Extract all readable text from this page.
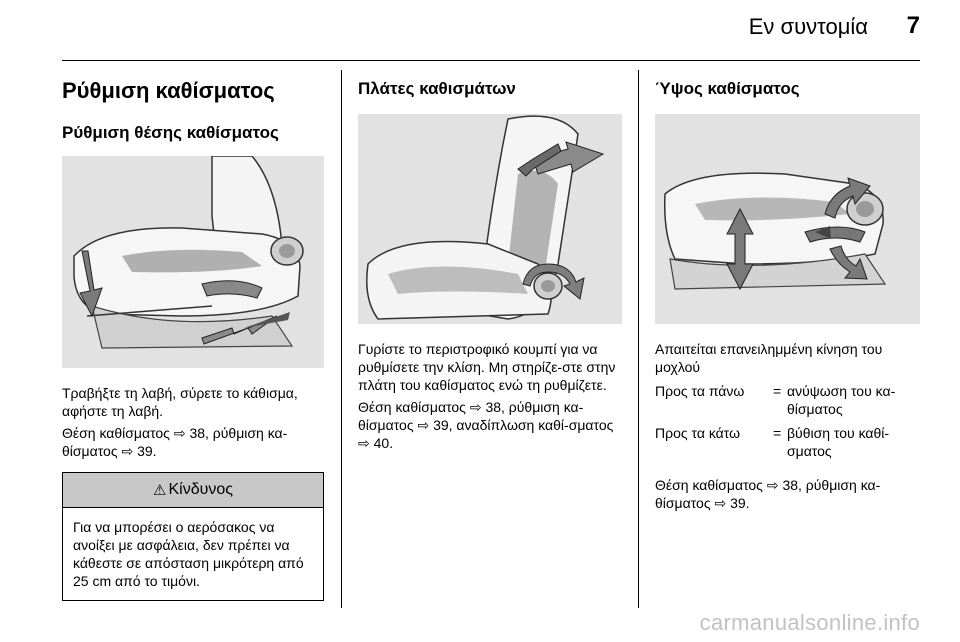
Εν συντομία 7
Ρύθμιση καθίσματος
Ρύθμιση θέσης καθίσματος

Τραβήξτε τη λαβή, σύρετε το κάθισμα, αφήστε τη λαβή.

Θέση καθίσματος ⇨ 38, ρύθμιση κα-θίσματος ⇨ 39.

⚠ Κίνδυνος
Για να μπορέσει ο αερόσακος να ανοίξει με ασφάλεια, δεν πρέπει να κάθεστε σε απόσταση μικρότερη από 25 cm από το τιμόνι.
Πλάτες καθισμάτων

Γυρίστε το περιστροφικό κουμπί για να ρυθμίσετε την κλίση. Μη στηρίζε-στε στην πλάτη του καθίσματος ενώ τη ρυθμίζετε.

Θέση καθίσματος ⇨ 38, ρύθμιση κα-θίσματος ⇨ 39, αναδίπλωση καθί-σματος ⇨ 40.

Ύψος καθίσματος

Απαιτείται επανειλημμένη κίνηση του μοχλού

Προς τα πάνω	= ανύψωση του κα-θίσματος
Προς τα κάτω	= βύθιση του καθί-σματος

Θέση καθίσματος ⇨ 38, ρύθμιση κα-θίσματος ⇨ 39.

carmanualsonline.info
